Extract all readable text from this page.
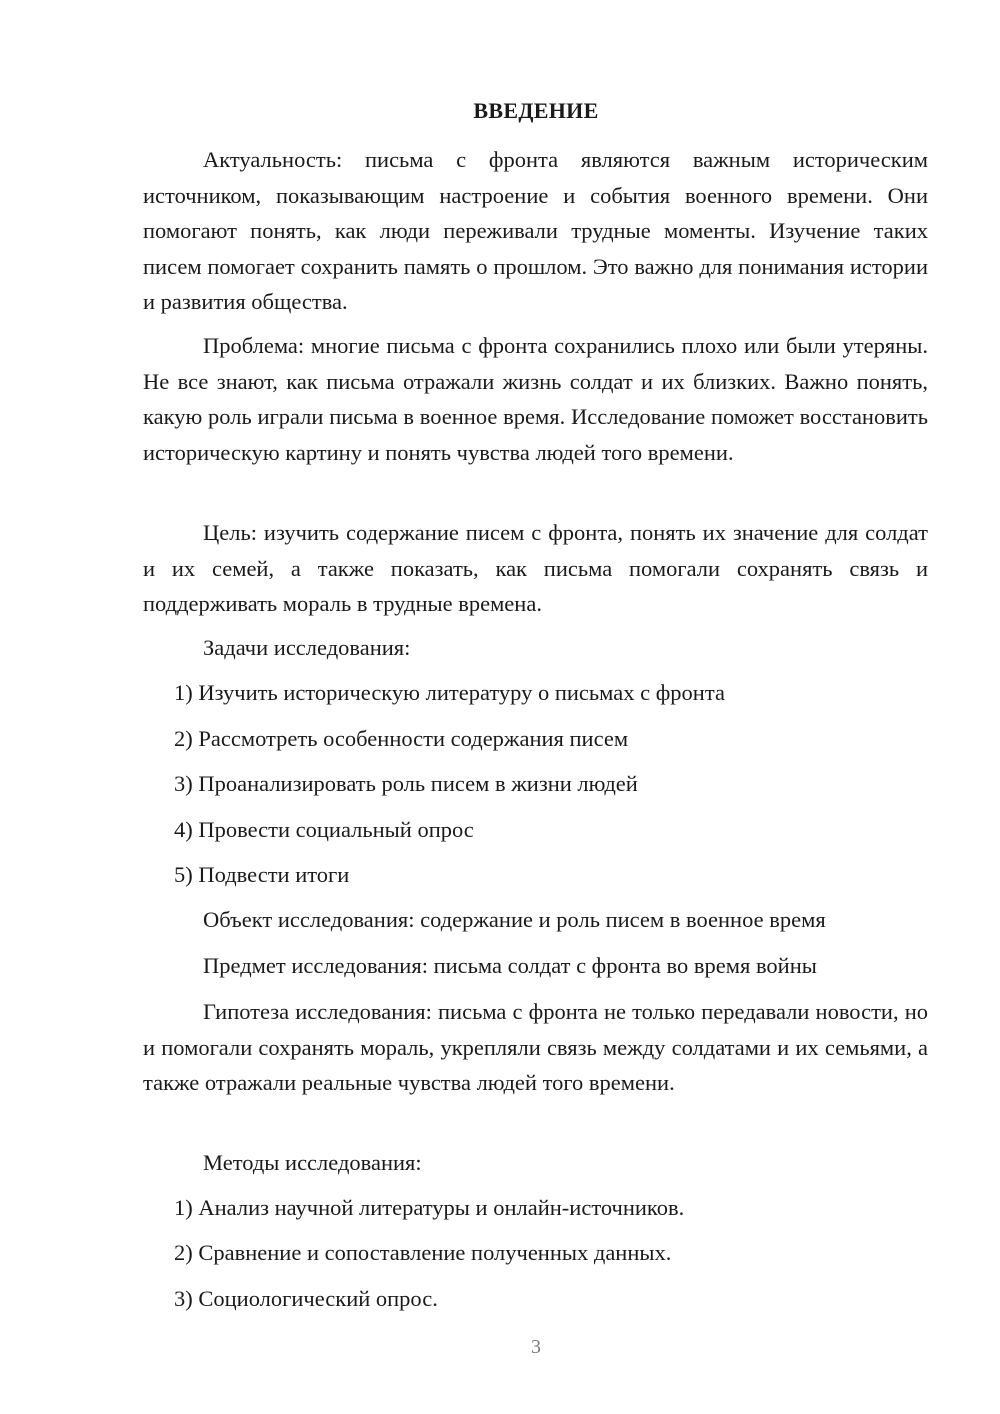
ВВЕДЕНИЕ

Актуальность: письма с фронта являются важным историческим источником, показывающим настроение и события военного времени. Они помогают понять, как люди переживали трудные моменты. Изучение таких писем помогает сохранить память о прошлом. Это важно для понимания истории и развития общества.

Проблема: многие письма с фронта сохранились плохо или были утеряны. Не все знают, как письма отражали жизнь солдат и их близких. Важно понять, какую роль играли письма в военное время. Исследование поможет восстановить историческую картину и понять чувства людей того времени.

Цель: изучить содержание писем с фронта, понять их значение для солдат и их семей, а также показать, как письма помогали сохранять связь и поддерживать мораль в трудные времена.

Задачи исследования:

1) Изучить историческую литературу о письмах с фронта

2) Рассмотреть особенности содержания писем

3) Проанализировать роль писем в жизни людей

4) Провести социальный опрос

5) Подвести итоги

Объект исследования: содержание и роль писем в военное время

Предмет исследования: письма солдат с фронта во время войны

Гипотеза исследования: письма с фронта не только передавали новости, но и помогали сохранять мораль, укрепляли связь между солдатами и их семьями, а также отражали реальные чувства людей того времени.

Методы исследования:

1) Анализ научной литературы и онлайн-источников.

2) Сравнение и сопоставление полученных данных.

3) Социологический опрос.

3
